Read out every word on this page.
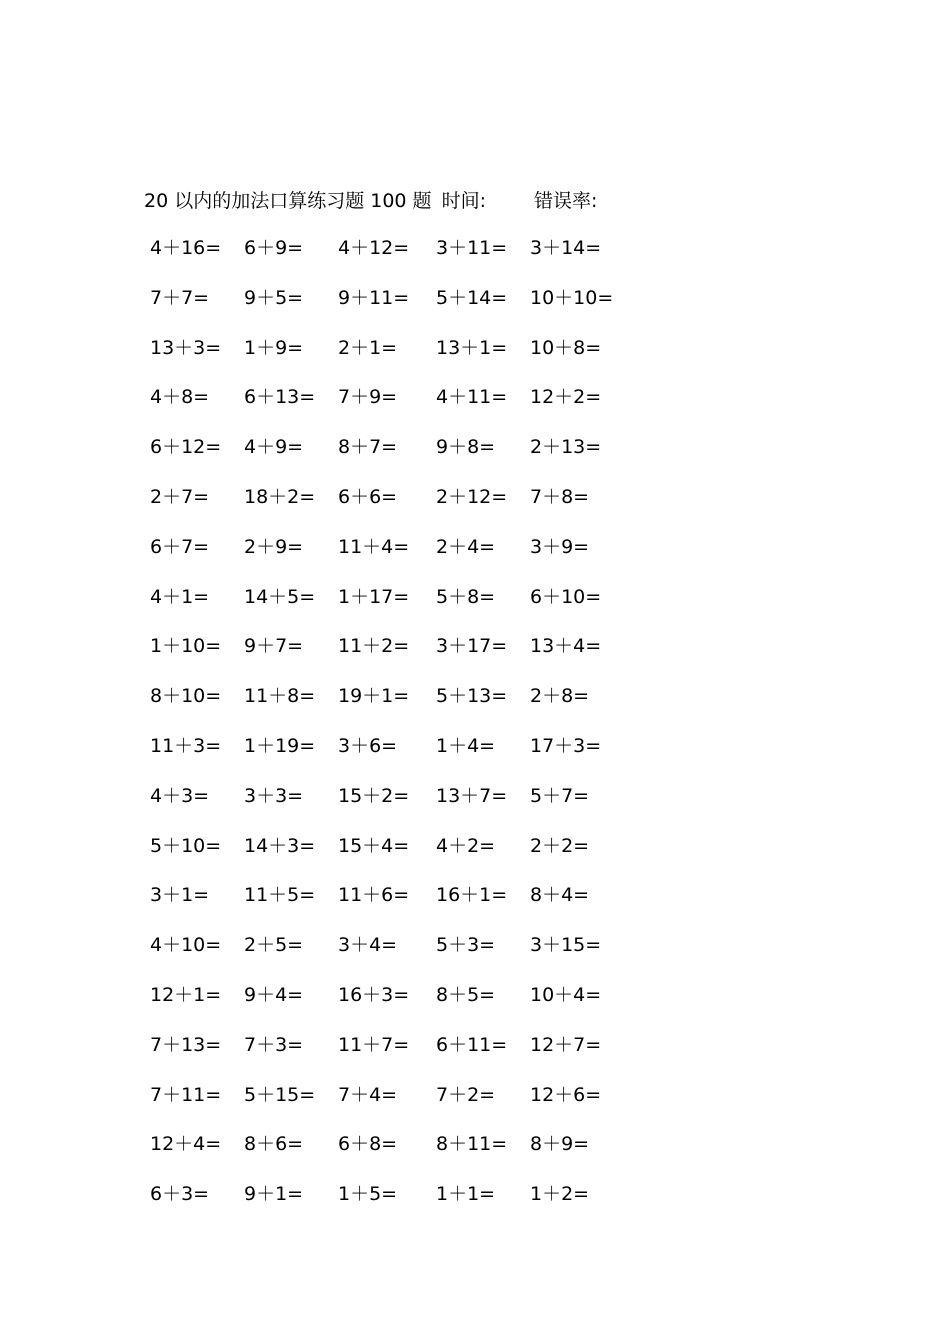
20 以内的加法口算练习题 100 题 时间:	错误率:
4＋16= 6＋9= 4＋12= 3＋11= 3＋14=
7＋7= 9＋5= 9＋11= 5＋14= 10＋10=
13＋3= 1＋9= 2＋1= 13＋1= 10＋8=
4＋8= 6＋13= 7＋9= 4＋11= 12＋2=
6＋12= 4＋9= 8＋7= 9＋8= 2＋13=
2＋7= 18＋2= 6＋6= 2＋12= 7＋8=
6＋7= 2＋9= 11＋4= 2＋4= 3＋9=
4＋1= 14＋5= 1＋17= 5＋8= 6＋10=
1＋10= 9＋7= 11＋2= 3＋17= 13＋4=
8＋10= 11＋8= 19＋1= 5＋13= 2＋8=
11＋3= 1＋19= 3＋6= 1＋4= 17＋3=
4＋3= 3＋3= 15＋2= 13＋7= 5＋7=
5＋10= 14＋3= 15＋4= 4＋2= 2＋2=
3＋1= 11＋5= 11＋6= 16＋1= 8＋4=
4＋10= 2＋5= 3＋4= 5＋3= 3＋15=
12＋1= 9＋4= 16＋3= 8＋5= 10＋4=
7＋13= 7＋3= 11＋7= 6＋11= 12＋7=
7＋11= 5＋15= 7＋4= 7＋2= 12＋6=
12＋4= 8＋6= 6＋8= 8＋11= 8＋9=
6＋3= 9＋1= 1＋5= 1＋1= 1＋2=
